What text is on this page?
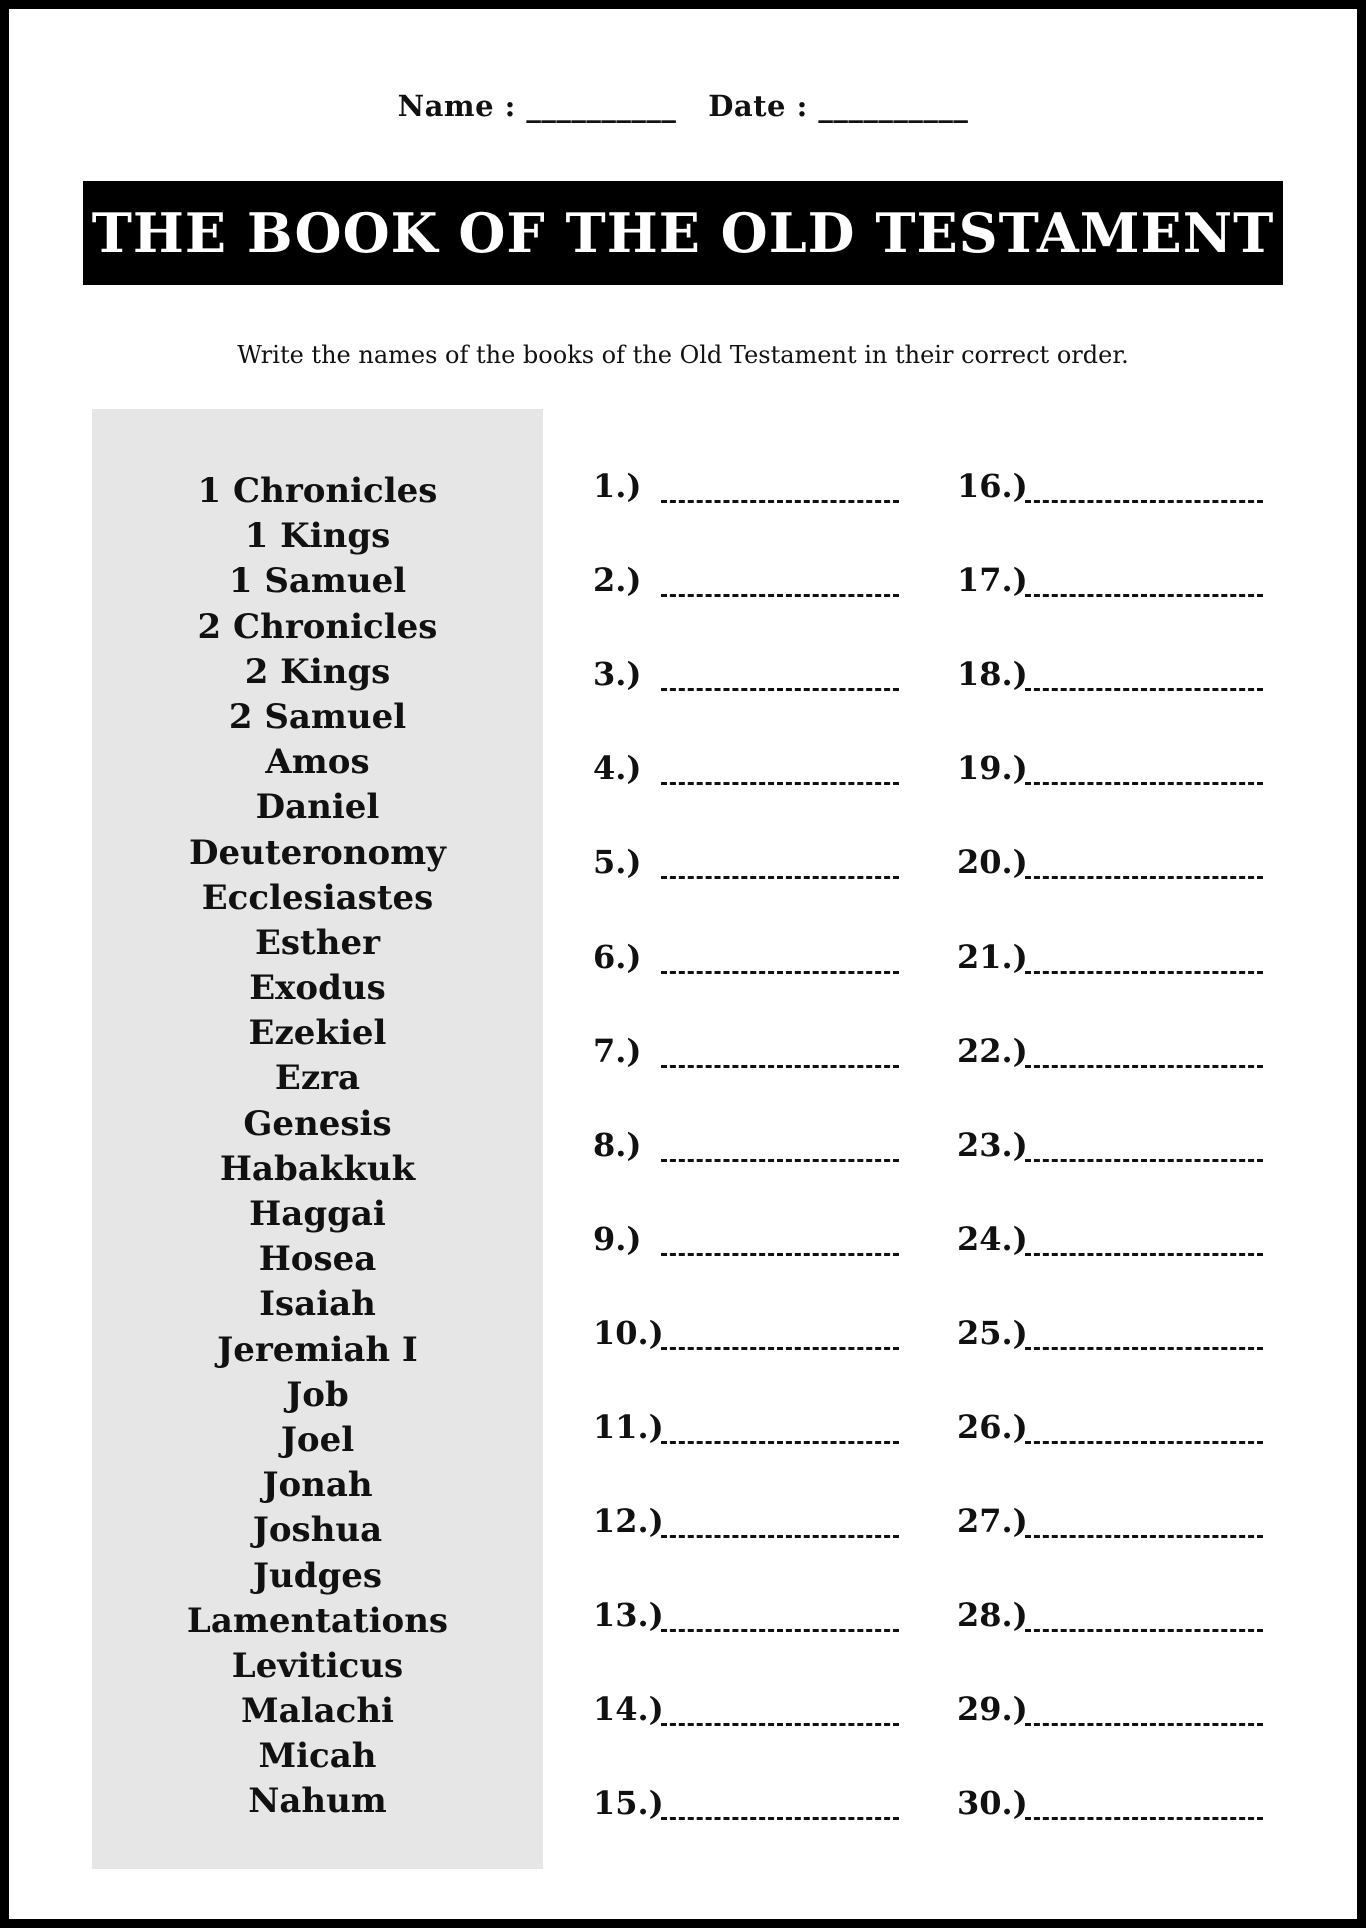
Name : __________   Date : __________
THE BOOK OF THE OLD TESTAMENT
Write the names of the books of the Old Testament in their correct order.
1 Chronicles
1 Kings
1 Samuel
2 Chronicles
2 Kings
2 Samuel
Amos
Daniel
Deuteronomy
Ecclesiastes
Esther
Exodus
Ezekiel
Ezra
Genesis
Habakkuk
Haggai
Hosea
Isaiah
Jeremiah I
Job
Joel
Jonah
Joshua
Judges
Lamentations
Leviticus
Malachi
Micah
Nahum
1.)
2.)
3.)
4.)
5.)
6.)
7.)
8.)
9.)
10.)
11.)
12.)
13.)
14.)
15.)
16.)
17.)
18.)
19.)
20.)
21.)
22.)
23.)
24.)
25.)
26.)
27.)
28.)
29.)
30.)
